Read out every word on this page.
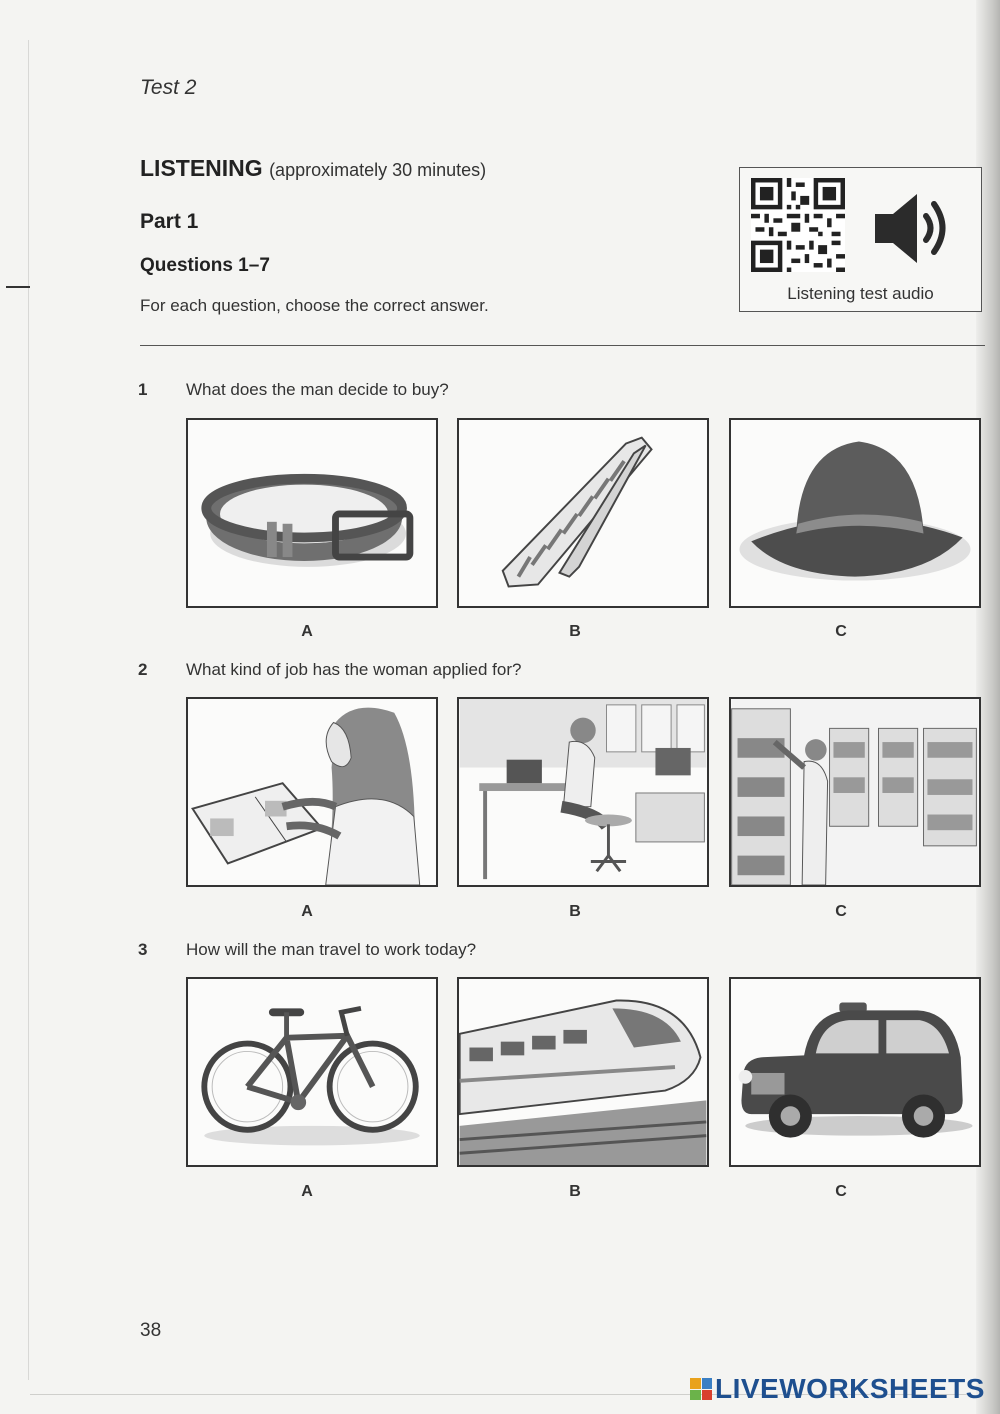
Test 2
LISTENING (approximately 30 minutes)
Part 1
Questions 1–7
For each question, choose the correct answer.
Listening test audio
1 What does the man decide to buy?
A	B	C
2 What kind of job has the woman applied for?
A	B	C
3 How will the man travel to work today?
A	B	C
38
LIVEWORKSHEETS
